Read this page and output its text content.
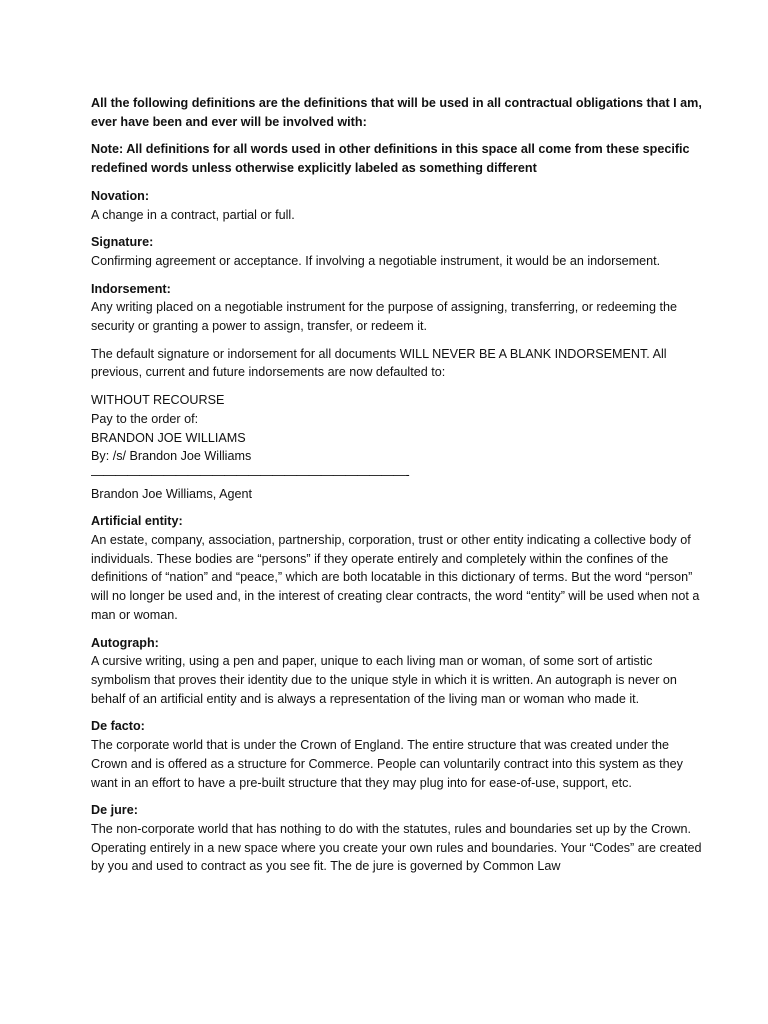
All the following definitions are the definitions that will be used in all contractual obligations that I am, ever have been and ever will be involved with:

Note: All definitions for all words used in other definitions in this space all come from these specific redefined words unless otherwise explicitly labeled as something different

Novation:
A change in a contract, partial or full.

Signature:
Confirming agreement or acceptance. If involving a negotiable instrument, it would be an indorsement.

Indorsement:
Any writing placed on a negotiable instrument for the purpose of assigning, transferring, or redeeming the security or granting a power to assign, transfer, or redeem it.

The default signature or indorsement for all documents WILL NEVER BE A BLANK INDORSEMENT. All previous, current and future indorsements are now defaulted to:

WITHOUT RECOURSE
Pay to the order of:
BRANDON JOE WILLIAMS
By: /s/ Brandon Joe Williams
——————————————————————————-
Brandon Joe Williams, Agent

Artificial entity:
An estate, company, association, partnership, corporation, trust or other entity indicating a collective body of individuals. These bodies are “persons” if they operate entirely and completely within the confines of the definitions of “nation” and “peace,” which are both locatable in this dictionary of terms. But the word “person” will no longer be used and, in the interest of creating clear contracts, the word “entity” will be used when not a man or woman.

Autograph:
A cursive writing, using a pen and paper, unique to each living man or woman, of some sort of artistic symbolism that proves their identity due to the unique style in which it is written. An autograph is never on behalf of an artificial entity and is always a representation of the living man or woman who made it.

De facto:
The corporate world that is under the Crown of England. The entire structure that was created under the Crown and is offered as a structure for Commerce. People can voluntarily contract into this system as they want in an effort to have a pre-built structure that they may plug into for ease-of-use, support, etc.

De jure:
The non-corporate world that has nothing to do with the statutes, rules and boundaries set up by the Crown. Operating entirely in a new space where you create your own rules and boundaries. Your “Codes” are created by you and used to contract as you see fit. The de jure is governed by Common Law
